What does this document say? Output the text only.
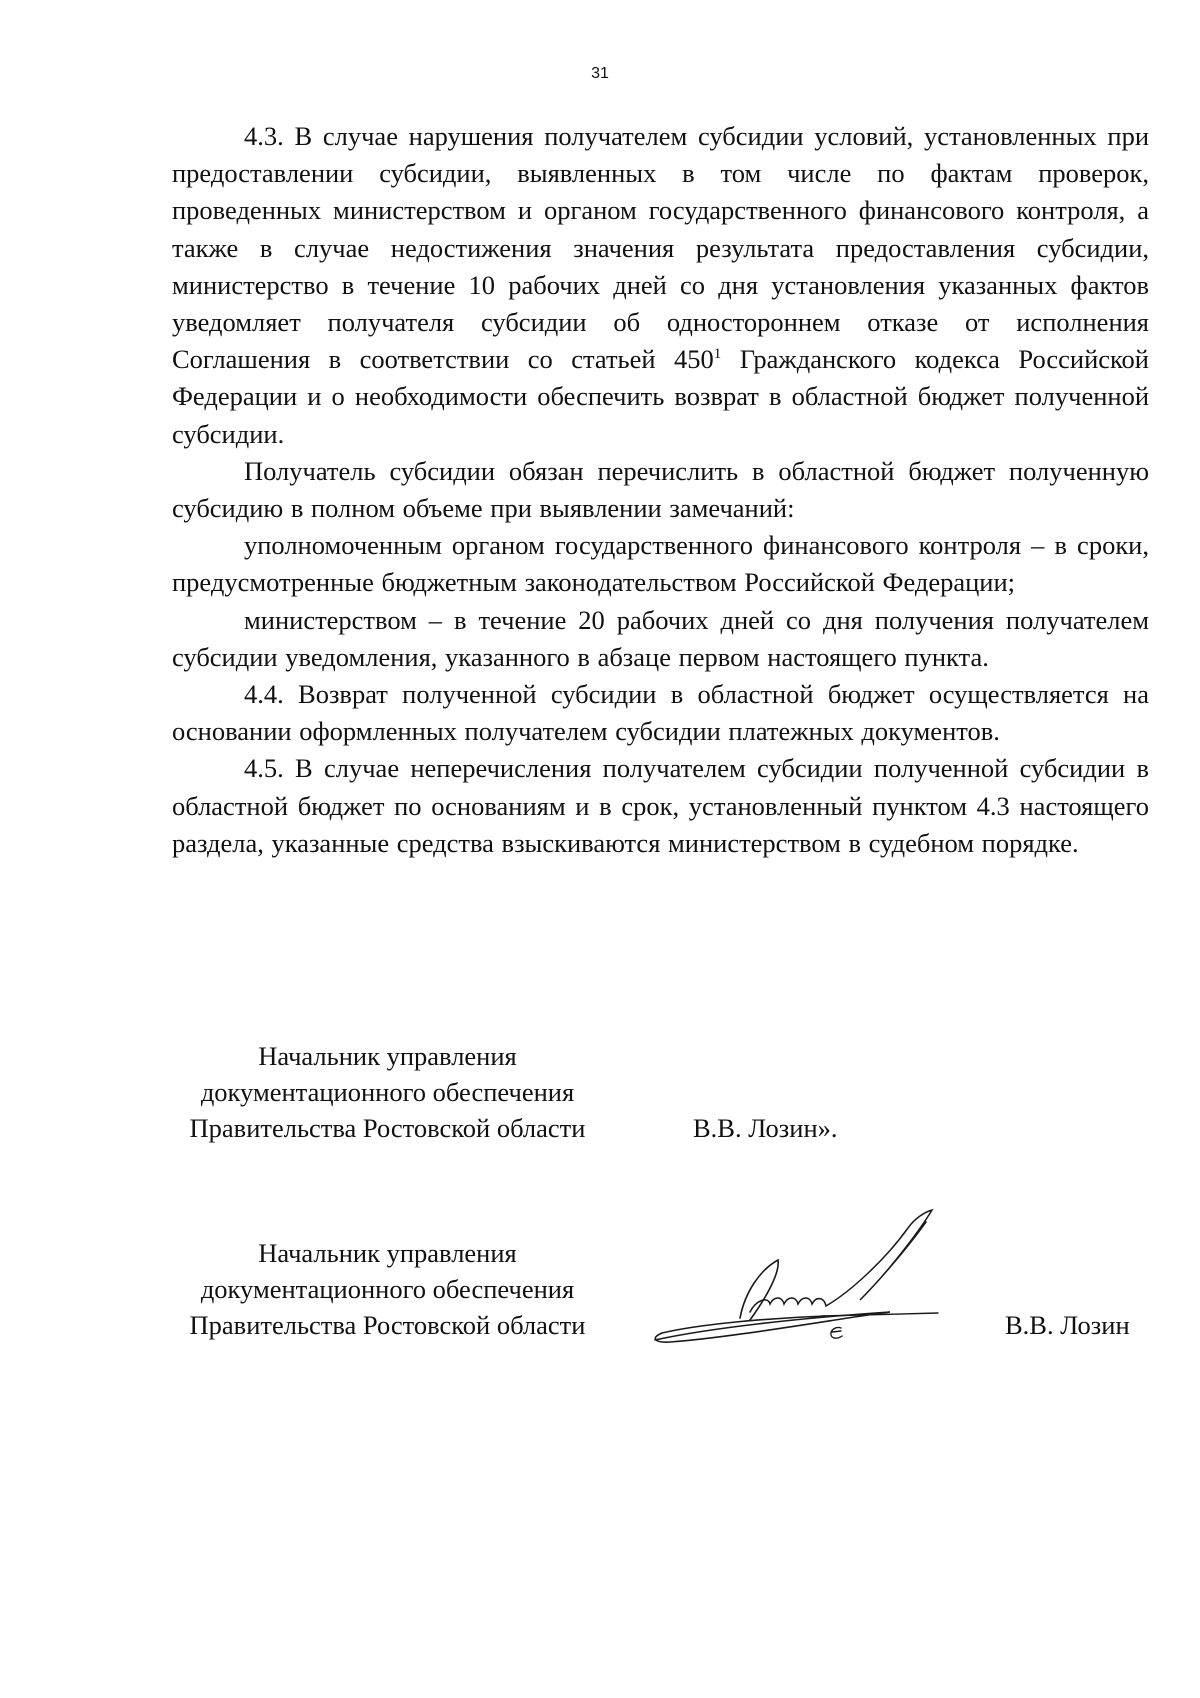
31

4.3. В случае нарушения получателем субсидии условий, установленных при предоставлении субсидии, выявленных в том числе по фактам проверок, проведенных министерством и органом государственного финансового контроля, а также в случае недостижения значения результата предоставления субсидии, министерство в течение 10 рабочих дней со дня установления указанных фактов уведомляет получателя субсидии об одностороннем отказе от исполнения Соглашения в соответствии со статьей $450^1$ Гражданского кодекса Российской Федерации и о необходимости обеспечить возврат в областной бюджет полученной субсидии.

Получатель субсидии обязан перечислить в областной бюджет полученную субсидию в полном объеме при выявлении замечаний:

уполномоченным органом государственного финансового контроля – в сроки, предусмотренные бюджетным законодательством Российской Федерации;

министерством – в течение 20 рабочих дней со дня получения получателем субсидии уведомления, указанного в абзаце первом настоящего пункта.

4.4. Возврат полученной субсидии в областной бюджет осуществляется на основании оформленных получателем субсидии платежных документов.

4.5. В случае неперечисления получателем субсидии полученной субсидии в областной бюджет по основаниям и в срок, установленный пунктом 4.3 настоящего раздела, указанные средства взыскиваются министерством в судебном порядке.

Начальник управления
документационного обеспечения
Правительства Ростовской области	В.В. Лозин».
Начальник управления
документационного обеспечения
Правительства Ростовской области	В.В. Лозин
